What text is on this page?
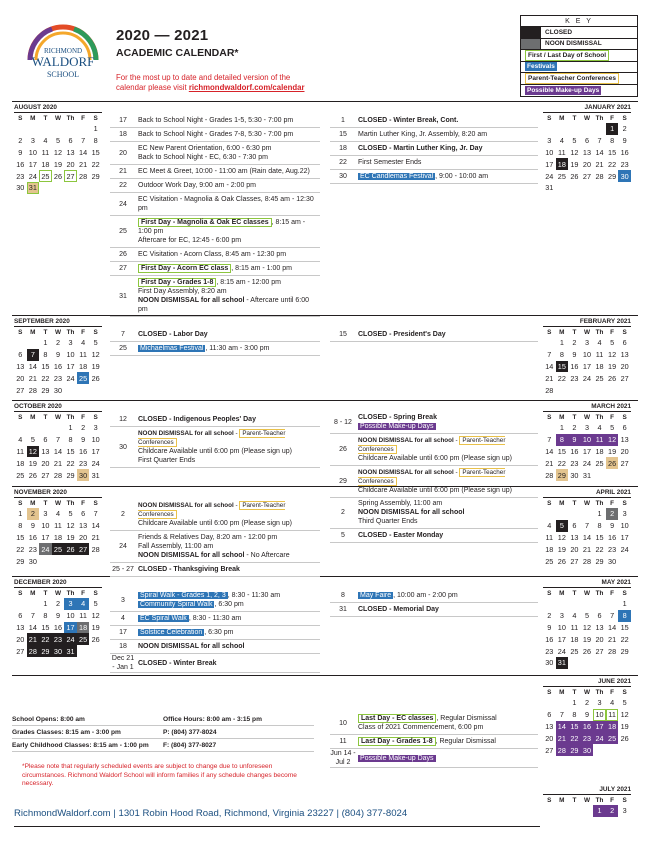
RICHMOND
WALDORF
SCHOOL
2020 — 2021
ACADEMIC CALENDAR*
For the most up to date and detailed version of the calendar please visit richmondwaldorf.com/calendar
K E Y
CLOSED
NOON DISMISSAL
First / Last Day of School
Festivals
Parent-Teacher Conferences
Possible Make-up Days
AUGUST 2020
S	M	T	W	Th	F	S
						1
2	3	4	5	6	7	8
9	10	11	12	13	14	15
16	17	18	19	20	21	22
23	24	25	26	27	28	29
30	31					
JANUARY 2021
S	M	T	W	Th	F	S
					1	2
3	4	5	6	7	8	9
10	11	12	13	14	15	16
17	18	19	20	21	22	23
24	25	26	27	28	29	30
31						
SEPTEMBER 2020
S	M	T	W	Th	F	S
		1	2	3	4	5
6	7	8	9	10	11	12
13	14	15	16	17	18	19
20	21	22	23	24	25	26
27	28	29	30			
FEBRUARY 2021
S	M	T	W	Th	F	S
	1	2	3	4	5	6
7	8	9	10	11	12	13
14	15	16	17	18	19	20
21	22	23	24	25	26	27
28						
OCTOBER 2020
S	M	T	W	Th	F	S
				1	2	3
4	5	6	7	8	9	10
11	12	13	14	15	16	17
18	19	20	21	22	23	24
25	26	27	28	29	30	31
MARCH 2021
S	M	T	W	Th	F	S
	1	2	3	4	5	6
7	8	9	10	11	12	13
14	15	16	17	18	19	20
21	22	23	24	25	26	27
28	29	30	31			
NOVEMBER 2020
S	M	T	W	Th	F	S
1	2	3	4	5	6	7
8	9	10	11	12	13	14
15	16	17	18	19	20	21
22	23	24	25	26	27	28
29	30					
APRIL 2021
S	M	T	W	Th	F	S
				1	2	3
4	5	6	7	8	9	10
11	12	13	14	15	16	17
18	19	20	21	22	23	24
25	26	27	28	29	30	
DECEMBER 2020
S	M	T	W	Th	F	S
		1	2	3	4	5
6	7	8	9	10	11	12
13	14	15	16	17	18	19
20	21	22	23	24	25	26
27	28	29	30	31		
MAY 2021
S	M	T	W	Th	F	S
						1
2	3	4	5	6	7	8
9	10	11	12	13	14	15
16	17	18	19	20	21	22
23	24	25	26	27	28	29
30	31					
JUNE 2021
S	M	T	W	Th	F	S
		1	2	3	4	5
6	7	8	9	10	11	12
13	14	15	16	17	18	19
20	21	22	23	24	25	26
27	28	29	30			
JULY 2021
S	M	T	W	Th	F	S
				1	2	3
17	Back to School Night - Grades 1-5, 5:30 - 7:00 pm
18	Back to School Night - Grades 7-8, 5:30 - 7:00 pm
20
EC New Parent Orientation, 6:00 - 6:30 pm
Back to School Night - EC, 6:30 - 7:30 pm
21	EC Meet & Greet, 10:00 - 11:00 am (Rain date, Aug.22)
22	Outdoor Work Day, 9:00 am - 2:00 pm
24
EC Visitation - Magnolia & Oak Classes, 8:45 am - 12:30 pm
25
First Day - Magnolia & Oak EC classes , 8:15 am - 1:00 pm
Aftercare for EC, 12:45 - 6:00 pm
26	EC Visitation - Acorn Class, 8:45 am - 12:30 pm
27	First Day - Acorn EC class , 8:15 am - 1:00 pm
31
First Day - Grades 1-8 , 8:15 am - 12:00 pm
First Day Assembly, 8:20 am
NOON DISMISSAL for all school - Aftercare until 6:00 pm
1	CLOSED - Winter Break, Cont.
15	Martin Luther King, Jr. Assembly, 8:20 am
18	CLOSED - Martin Luther King, Jr. Day
22	First Semester Ends
30	EC Candlemas Festival , 9:00 - 10:00 am
7	CLOSED - Labor Day
25	Michaelmas Festival , 11:30 am - 3:00 pm
15	CLOSED - President's Day
12	CLOSED - Indigenous Peoples' Day
30
NOON DISMISSAL for all school - Parent-Teacher Conferences
Childcare Available until 6:00 pm (Please sign up)
First Quarter Ends
8 - 12
CLOSED - Spring Break
Possible Make-up Days
26
NOON DISMISSAL for all school - Parent-Teacher Conferences
Childcare Available until 6:00 pm (Please sign up)
29
NOON DISMISSAL for all school - Parent-Teacher Conferences
Childcare Available until 6:00 pm (Please sign up)
2
NOON DISMISSAL for all school - Parent-Teacher Conferences
Childcare Available until 6:00 pm (Please sign up)
24
Friends & Relatives Day, 8:20 am - 12:00 pm
Fall Assembly, 11:00 am
NOON DISMISSAL for all school - No Aftercare
25 - 27 CLOSED - Thanksgiving Break
2
Spring Assembly, 11:00 am
NOON DISMISSAL for all school
Third Quarter Ends
5	CLOSED - Easter Monday
3
Spiral Walk - Grades 1, 2, 3 , 8:30 - 11:30 am
Community Spiral Walk , 6:30 pm
4	EC Spiral Walk , 8:30 - 11:30 am
17	Solstice Celebration , 6:30 pm
18	NOON DISMISSAL for all school
Dec 21 - Jan 1
CLOSED - Winter Break
8	May Faire , 10:00 am - 2:00 pm
31	CLOSED - Memorial Day
10
Last Day - EC classes , Regular Dismissal
Class of 2021 Commencement, 6:00 pm
11	Last Day - Grades 1-8 , Regular Dismissal
Jun 14 - Jul 2
Possible Make-up Days
School Opens: 8:00 am	Office Hours: 8:00 am - 3:15 pm
Grades Classes: 8:15 am - 3:00 pm	P: (804) 377-8024
Early Childhood Classes: 8:15 am - 1:00 pm	F: (804) 377-8027
*Please note that regularly scheduled events are subject to change due to unforeseen circumstances. Richmond Waldorf School will inform families if any schedule changes become necessary.
RichmondWaldorf.com | 1301 Robin Hood Road, Richmond, Virginia 23227 | (804) 377-8024
